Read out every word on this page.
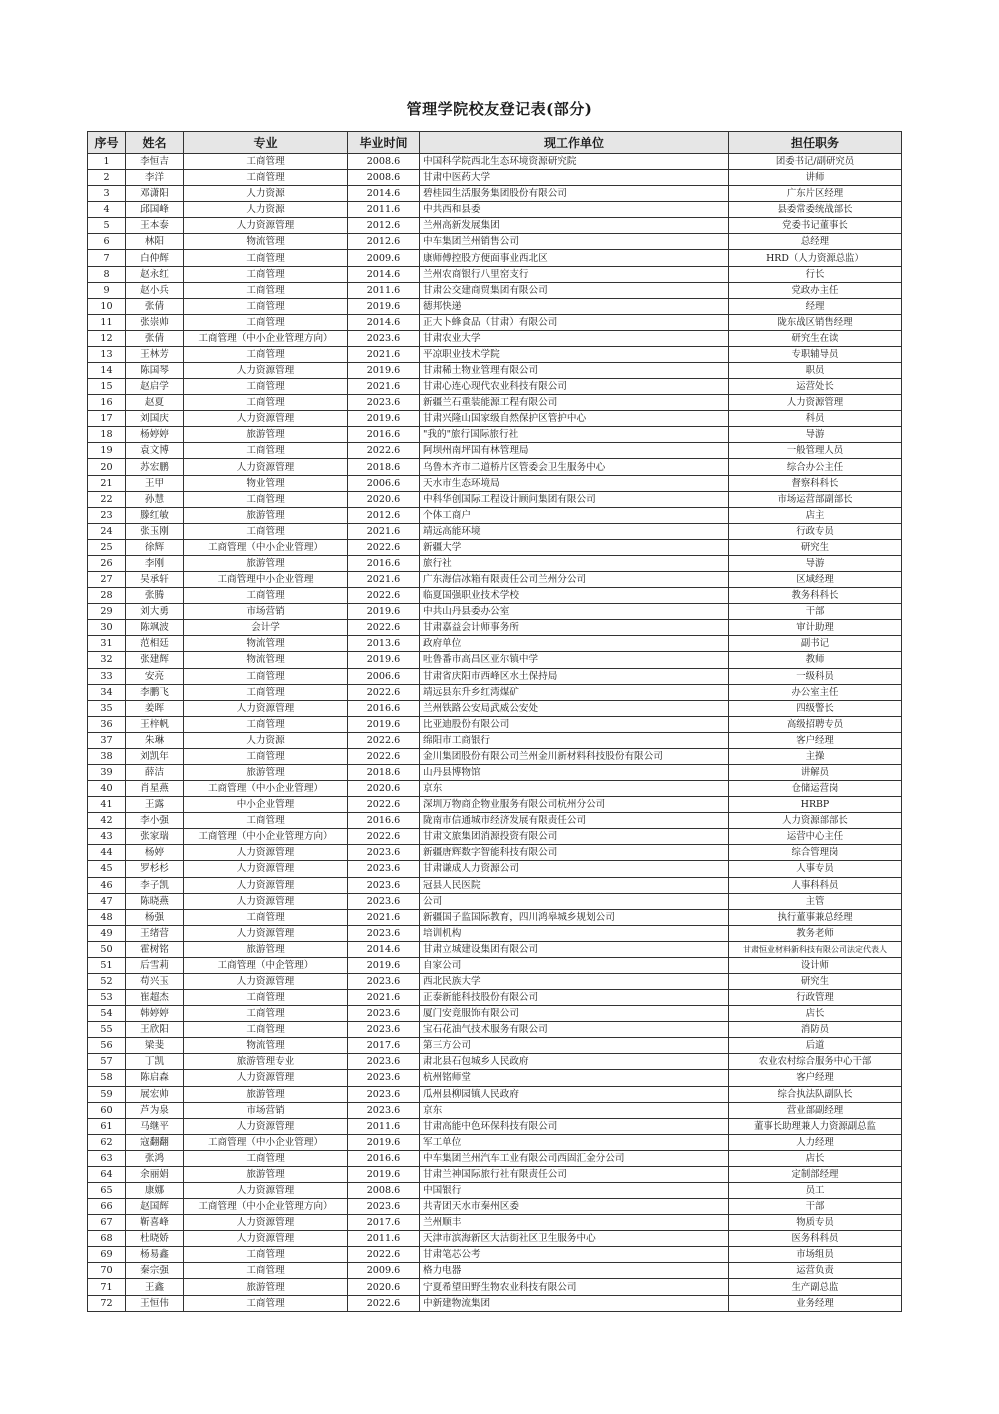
管理学院校友登记表(部分)
序号	姓名	专业	毕业时间	现工作单位	担任职务
1	李恒吉	工商管理	2008.6	中国科学院西北生态环境资源研究院	团委书记/副研究员
2	李洋	工商管理	2008.6	甘肃中医药大学	讲师
3	邓潇阳	人力资源	2014.6	碧桂园生活服务集团股份有限公司	广东片区经理
4	邱国峰	人力资源	2011.6	中共西和县委	县委常委统战部长
5	王本泰	人力资源管理	2012.6	兰州高新发展集团	党委书记董事长
6	林阳	物流管理	2012.6	中车集团兰州销售公司	总经理
7	白仲辉	工商管理	2009.6	康师傅控股方便面事业西北区	HRD（人力资源总监）
8	赵永红	工商管理	2014.6	兰州农商银行八里窑支行	行长
9	赵小兵	工商管理	2011.6	甘肃公交建商贸集团有限公司	党政办主任
10	张倩	工商管理	2019.6	德邦快递	经理
11	张崇帅	工商管理	2014.6	正大卜蜂食品（甘肃）有限公司	陇东战区销售经理
12	张倩	工商管理（中小企业管理方向）	2023.6	甘肃农业大学	研究生在读
13	王林芳	工商管理	2021.6	平凉职业技术学院	专职辅导员
14	陈国琴	人力资源管理	2019.6	甘肃稀土物业管理有限公司	职员
15	赵启学	工商管理	2021.6	甘肃心连心现代农业科技有限公司	运营处长
16	赵夏	工商管理	2023.6	新疆兰石重装能源工程有限公司	人力资源管理
17	刘国庆	人力资源管理	2019.6	甘肃兴隆山国家级自然保护区管护中心	科员
18	杨婷婷	旅游管理	2016.6	"我的"旅行国际旅行社	导游
19	袁文博	工商管理	2022.6	阿坝州南坪国有林管理局	一般管理人员
20	苏宏鹏	人力资源管理	2018.6	乌鲁木齐市二道桥片区管委会卫生服务中心	综合办公主任
21	王甲	物业管理	2006.6	天水市生态环境局	督察科科长
22	孙慧	工商管理	2020.6	中科华创国际工程设计顾问集团有限公司	市场运营部副部长
23	滕红敏	旅游管理	2012.6	个体工商户	店主
24	张玉刚	工商管理	2021.6	靖远高能环境	行政专员
25	徐辉	工商管理（中小企业管理）	2022.6	新疆大学	研究生
26	李刚	旅游管理	2016.6	旅行社	导游
27	吴承轩	工商管理中小企业管理	2021.6	广东海信冰箱有限责任公司兰州分公司	区域经理
28	张腾	工商管理	2022.6	临夏国强职业技术学校	教务科科长
29	刘大勇	市场营销	2019.6	中共山丹县委办公室	干部
30	陈飒波	会计学	2022.6	甘肃嘉益会计师事务所	审计助理
31	范相廷	物流管理	2013.6	政府单位	副书记
32	张建辉	物流管理	2019.6	吐鲁番市高昌区亚尔镇中学	教师
33	安亮	工商管理	2006.6	甘肃省庆阳市西峰区水土保持局	一级科员
34	李鹏飞	工商管理	2022.6	靖远县东升乡红湾煤矿	办公室主任
35	姜晖	人力资源管理	2016.6	兰州铁路公安局武威公安处	四级警长
36	王梓帆	工商管理	2019.6	比亚迪股份有限公司	高级招聘专员
37	朱琳	人力资源	2022.6	绵阳市工商银行	客户经理
38	刘凯年	工商管理	2022.6	金川集团股份有限公司兰州金川新材料科技股份有限公司	主操
39	薛洁	旅游管理	2018.6	山丹县博物馆	讲解员
40	肖星燕	工商管理（中小企业管理）	2020.6	京东	仓储运营岗
41	王露	中小企业管理	2022.6	深圳万物商企物业服务有限公司杭州分公司	HRBP
42	李小强	工商管理	2016.6	陇南市信通城市经济发展有限责任公司	人力资源部部长
43	张家瑞	工商管理（中小企业管理方向）	2022.6	甘肃文旅集团消源投资有限公司	运营中心主任
44	杨婷	人力资源管理	2023.6	新疆唐辉数字智能科技有限公司	综合管理岗
45	罗杉杉	人力资源管理	2023.6	甘肃谦成人力资源公司	人事专员
46	李子凯	人力资源管理	2023.6	冠县人民医院	人事科科员
47	陈晓燕	人力资源管理	2023.6	公司	主管
48	杨强	工商管理	2021.6	新疆国子监国际教育，四川鸿皋城乡规划公司	执行董事兼总经理
49	王绪营	人力资源管理	2023.6	培训机构	教务老师
50	霍树铭	旅游管理	2014.6	甘肃立城建设集团有限公司	甘肃恒业材料新科技有限公司法定代表人
51	后雪莉	工商管理（中企管理）	2019.6	自家公司	设计师
52	苟兴玉	人力资源管理	2023.6	西北民族大学	研究生
53	崔超杰	工商管理	2021.6	正泰新能科技股份有限公司	行政管理
54	韩婷婷	工商管理	2023.6	厦门安竟服饰有限公司	店长
55	王欣阳	工商管理	2023.6	宝石花油气技术服务有限公司	消防员
56	梁斐	物流管理	2017.6	第三方公司	后道
57	丁凯	旅游管理专业	2023.6	肃北县石包城乡人民政府	农业农村综合服务中心干部
58	陈启森	人力资源管理	2023.6	杭州铭师堂	客户经理
59	展宏帅	旅游管理	2023.6	瓜州县柳园镇人民政府	综合执法队副队长
60	芦为泉	市场营销	2023.6	京东	营业部副经理
61	马继平	人力资源管理	2011.6	甘肃高能中色环保科技有限公司	董事长助理兼人力资源副总监
62	寇翻翻	工商管理（中小企业管理）	2019.6	军工单位	人力经理
63	张鸿	工商管理	2016.6	中车集团兰州汽车工业有限公司西固汇金分公司	店长
64	余丽娟	旅游管理	2019.6	甘肃兰神国际旅行社有限责任公司	定制部经理
65	康娜	人力资源管理	2008.6	中国银行	员工
66	赵国辉	工商管理（中小企业管理方向）	2023.6	共青团天水市秦州区委	干部
67	靳喜峰	人力资源管理	2017.6	兰州顺丰	物质专员
68	杜晓娇	人力资源管理	2011.6	天津市滨海新区大沽街社区卫生服务中心	医务科科员
69	杨易鑫	工商管理	2022.6	甘肃笔芯公考	市场组员
70	秦宗强	工商管理	2009.6	格力电器	运营负责
71	王鑫	旅游管理	2020.6	宁夏希望田野生物农业科技有限公司	生产副总监
72	王恒伟	工商管理	2022.6	中新建物流集团	业务经理
